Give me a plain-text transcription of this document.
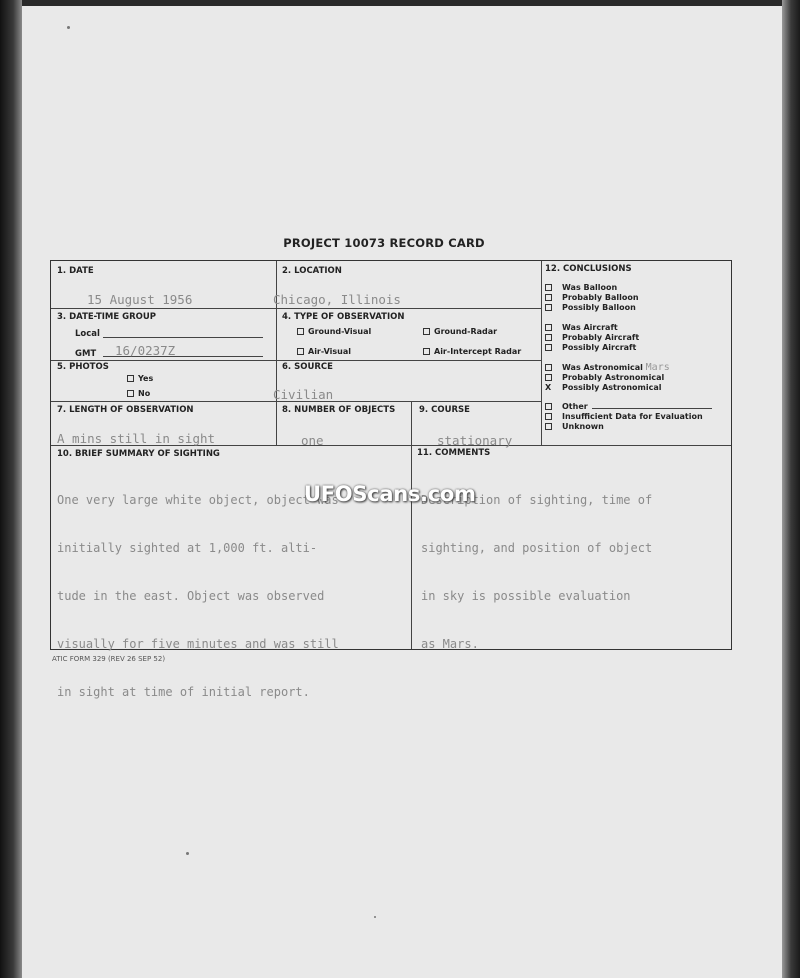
PROJECT 10073 RECORD CARD
1. DATE
15 August 1956
2. LOCATION
Chicago, Illinois
3. DATE-TIME GROUP
Local
GMT 16/0237Z
4. TYPE OF OBSERVATION
Ground-Visual	Ground-Radar
Air-Visual	Air-Intercept Radar
5. PHOTOS
Yes
No
6. SOURCE
Civilian
7. LENGTH OF OBSERVATION
A mins still in sight
8. NUMBER OF OBJECTS
one
9. COURSE
stationary
10. BRIEF SUMMARY OF SIGHTING

One very large white object, object was

initially sighted at 1,000 ft. alti-

tude in the east. Object was observed

visually for five minutes and was still

in sight at time of initial report.

11. COMMENTS

Description of sighting, time of

sighting, and position of object

in sky is possible evaluation

as Mars.

12. CONCLUSIONS
Was Balloon
Probably Balloon
Possibly Balloon
Was Aircraft
Probably Aircraft
Possibly Aircraft
Was Astronomical Mars
Probably Astronomical
X Possibly Astronomical
Other
Insufficient Data for Evaluation
Unknown
ATIC FORM 329 (REV 26 SEP 52)
UFOScans.com
